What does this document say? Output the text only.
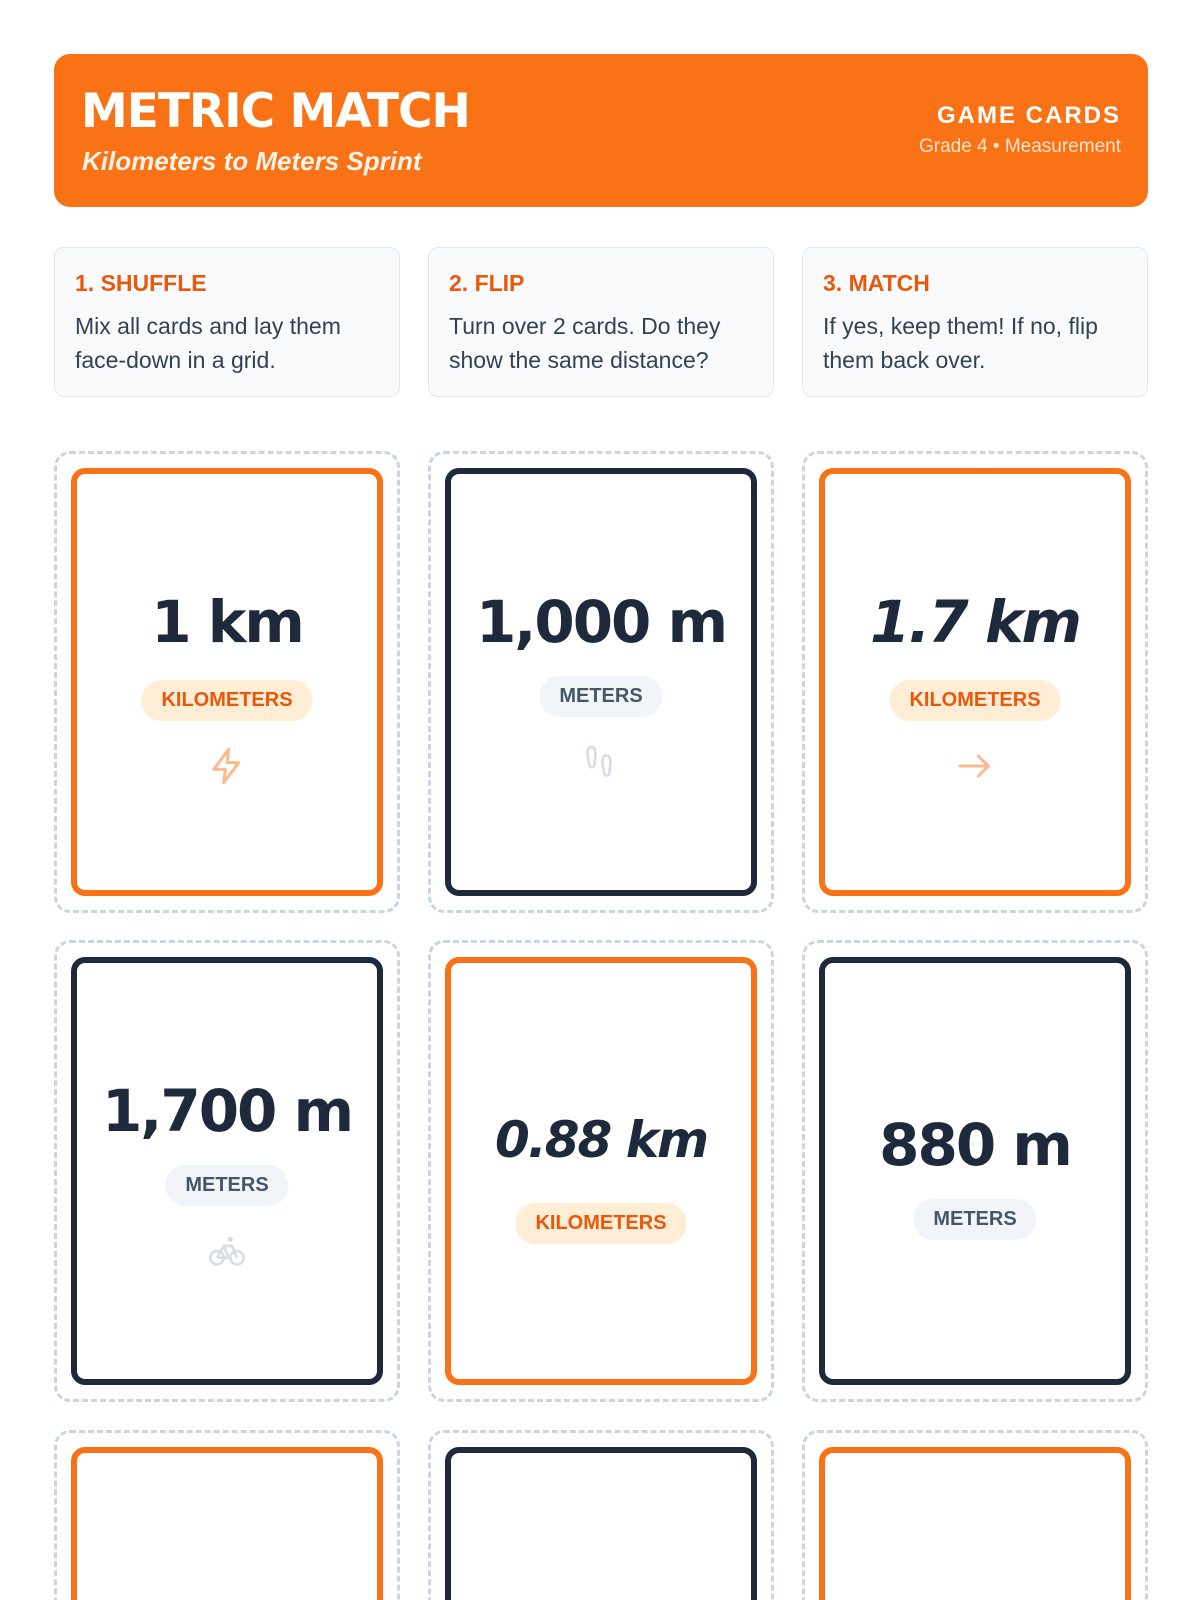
METRIC MATCH
Kilometers to Meters Sprint
GAME CARDS
Grade 4 • Measurement
1. SHUFFLE
Mix all cards and lay them face-down in a grid.
2. FLIP
Turn over 2 cards. Do they show the same distance?
3. MATCH
If yes, keep them! If no, flip them back over.
1 km
KILOMETERS
1,000 m
METERS
1.7 km
KILOMETERS
1,700 m
METERS
0.88 km
KILOMETERS
880 m
METERS
